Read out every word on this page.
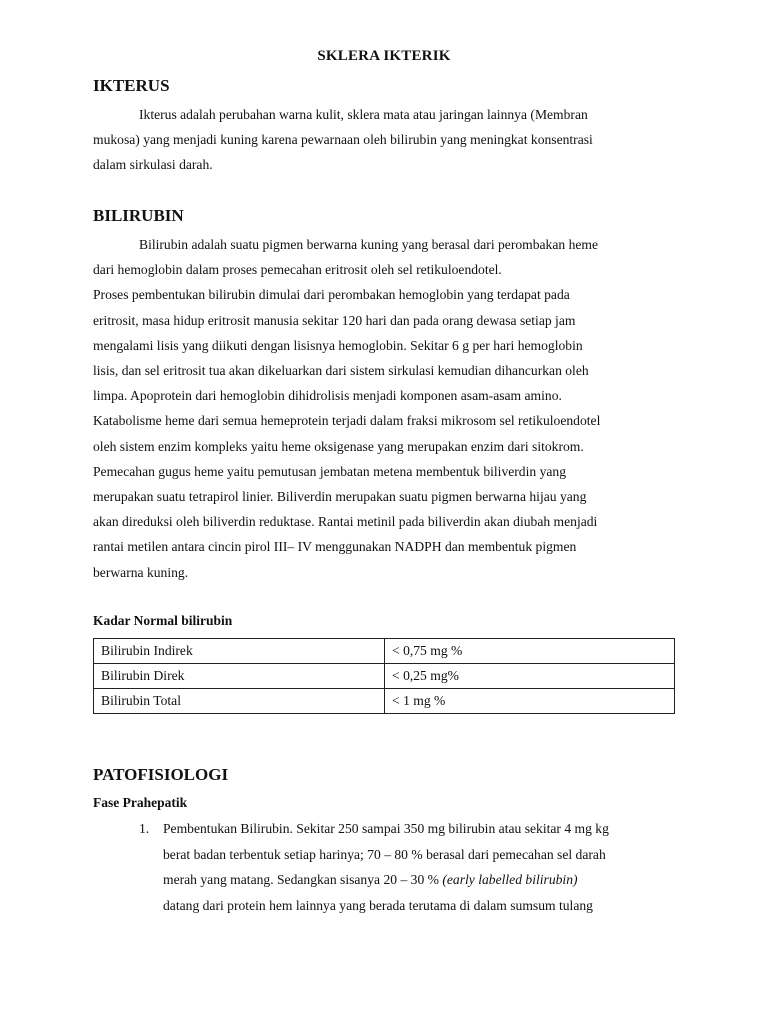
SKLERA IKTERIK
IKTERUS
Ikterus adalah perubahan warna kulit, sklera mata atau jaringan lainnya (Membran
mukosa) yang menjadi kuning karena pewarnaan oleh bilirubin yang meningkat konsentrasi
dalam sirkulasi darah.
BILIRUBIN
Bilirubin adalah suatu pigmen berwarna kuning yang berasal dari perombakan heme
dari hemoglobin dalam proses pemecahan eritrosit oleh sel retikuloendotel.
Proses pembentukan bilirubin dimulai dari perombakan hemoglobin yang terdapat pada
eritrosit, masa hidup eritrosit manusia sekitar 120 hari dan pada orang dewasa setiap jam
mengalami lisis yang diikuti dengan lisisnya hemoglobin. Sekitar 6 g per hari hemoglobin
lisis, dan sel eritrosit tua akan dikeluarkan dari sistem sirkulasi kemudian dihancurkan oleh
limpa. Apoprotein dari hemoglobin dihidrolisis menjadi komponen asam-asam amino.
Katabolisme heme dari semua hemeprotein terjadi dalam fraksi mikrosom sel retikuloendotel
oleh sistem enzim kompleks yaitu heme oksigenase yang merupakan enzim dari sitokrom.
Pemecahan gugus heme yaitu pemutusan jembatan metena membentuk biliverdin yang
merupakan suatu tetrapirol linier. Biliverdin merupakan suatu pigmen berwarna hijau yang
akan direduksi oleh biliverdin reduktase. Rantai metinil pada biliverdin akan diubah menjadi
rantai metilen antara cincin pirol III– IV menggunakan NADPH dan membentuk pigmen
berwarna kuning.
Kadar Normal bilirubin
Bilirubin Indirek	< 0,75 mg %
Bilirubin Direk	< 0,25 mg%
Bilirubin Total	< 1 mg %
PATOFISIOLOGI
Fase Prahepatik
1. Pembentukan Bilirubin. Sekitar 250 sampai 350 mg bilirubin atau sekitar 4 mg kg
berat badan terbentuk setiap harinya; 70 – 80 % berasal dari pemecahan sel darah
merah yang matang. Sedangkan sisanya 20 – 30 % (early labelled bilirubin)
datang dari protein hem lainnya yang berada terutama di dalam sumsum tulang
